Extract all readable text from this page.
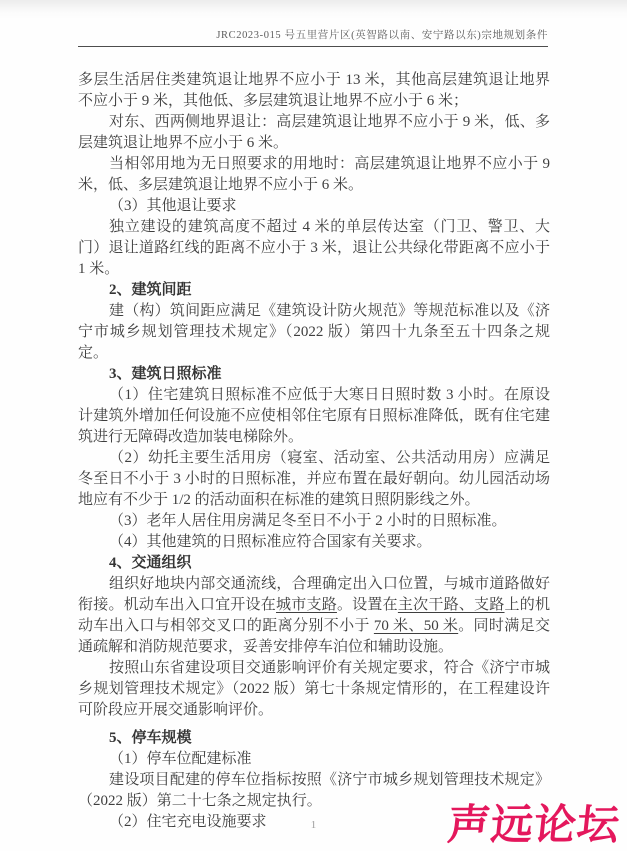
JRC2023-015 号五里营片区(英智路以南、安宁路以东)宗地规划条件

多层生活居住类建筑退让地界不应小于 13 米，其他高层建筑退让地界不应小于 9 米，其他低、多层建筑退让地界不应小于 6 米；

对东、西两侧地界退让：高层建筑退让地界不应小于 9 米，低、多层建筑退让地界不应小于 6 米。

当相邻用地为无日照要求的用地时：高层建筑退让地界不应小于 9 米，低、多层建筑退让地界不应小于 6 米。

（3）其他退让要求

独立建设的建筑高度不超过 4 米的单层传达室（门卫、警卫、大门）退让道路红线的距离不应小于 3 米，退让公共绿化带距离不应小于 1 米。

2、建筑间距

建（构）筑间距应满足《建筑设计防火规范》等规范标准以及《济宁市城乡规划管理技术规定》（2022 版）第四十九条至五十四条之规定。

3、建筑日照标准

（1）住宅建筑日照标准不应低于大寒日日照时数 3 小时。在原设计建筑外增加任何设施不应使相邻住宅原有日照标准降低，既有住宅建筑进行无障碍改造加装电梯除外。

（2）幼托主要生活用房（寝室、活动室、公共活动用房）应满足冬至日不小于 3 小时的日照标准，并应布置在最好朝向。幼儿园活动场地应有不少于 1/2 的活动面积在标准的建筑日照阴影线之外。

（3）老年人居住用房满足冬至日不小于 2 小时的日照标准。

（4）其他建筑的日照标准应符合国家有关要求。

4、交通组织

组织好地块内部交通流线，合理确定出入口位置，与城市道路做好衔接。机动车出入口宜开设在城市支路。设置在主次干路、支路上的机动车出入口与相邻交叉口的距离分别不小于 70 米、50 米。同时满足交通疏解和消防规范要求，妥善安排停车泊位和辅助设施。

按照山东省建设项目交通影响评价有关规定要求，符合《济宁市城乡规划管理技术规定》（2022 版）第七十条规定情形的，在工程建设许可阶段应开展交通影响评价。

5、停车规模

（1）停车位配建标准

建设项目配建的停车位指标按照《济宁市城乡规划管理技术规定》（2022 版）第二十七条之规定执行。

（2）住宅充电设施要求	1	声远论坛
